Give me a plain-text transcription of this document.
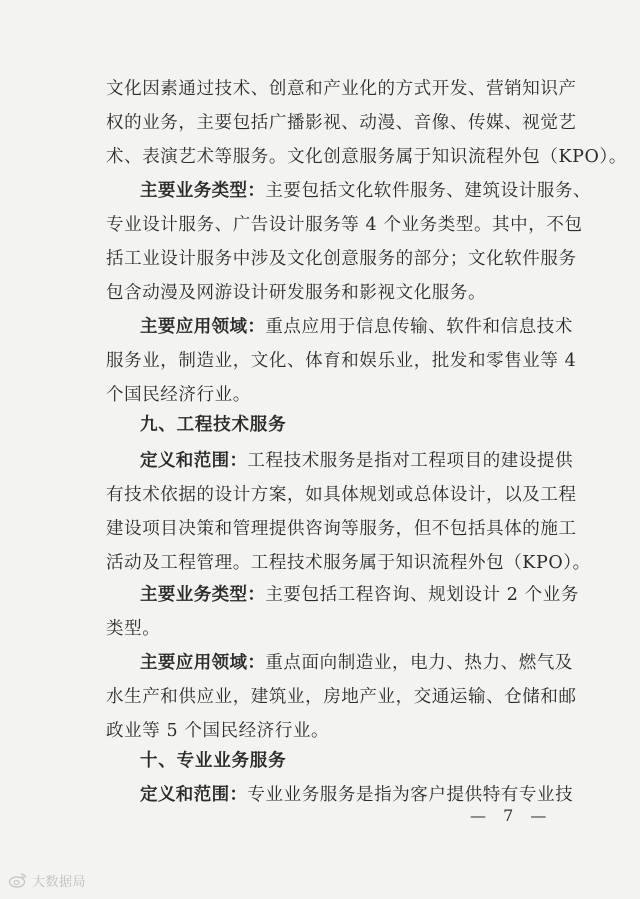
文化因素通过技术、创意和产业化的方式开发、营销知识产
权的业务，主要包括广播影视、动漫、音像、传媒、视觉艺
术、表演艺术等服务。文化创意服务属于知识流程外包（KPO）。
主要业务类型：主要包括文化软件服务、建筑设计服务、
专业设计服务、广告设计服务等 4 个业务类型。其中，不包
括工业设计服务中涉及文化创意服务的部分；文化软件服务
包含动漫及网游设计研发服务和影视文化服务。
主要应用领域：重点应用于信息传输、软件和信息技术
服务业，制造业，文化、体育和娱乐业，批发和零售业等 4
个国民经济行业。
九、工程技术服务
定义和范围：工程技术服务是指对工程项目的建设提供
有技术依据的设计方案，如具体规划或总体设计，以及工程
建设项目决策和管理提供咨询等服务，但不包括具体的施工
活动及工程管理。工程技术服务属于知识流程外包（KPO）。
主要业务类型：主要包括工程咨询、规划设计 2 个业务
类型。
主要应用领域：重点面向制造业，电力、热力、燃气及
水生产和供应业，建筑业，房地产业，交通运输、仓储和邮
政业等 5 个国民经济行业。
十、专业业务服务
定义和范围：专业业务服务是指为客户提供特有专业技
— 7 —
大数据局
